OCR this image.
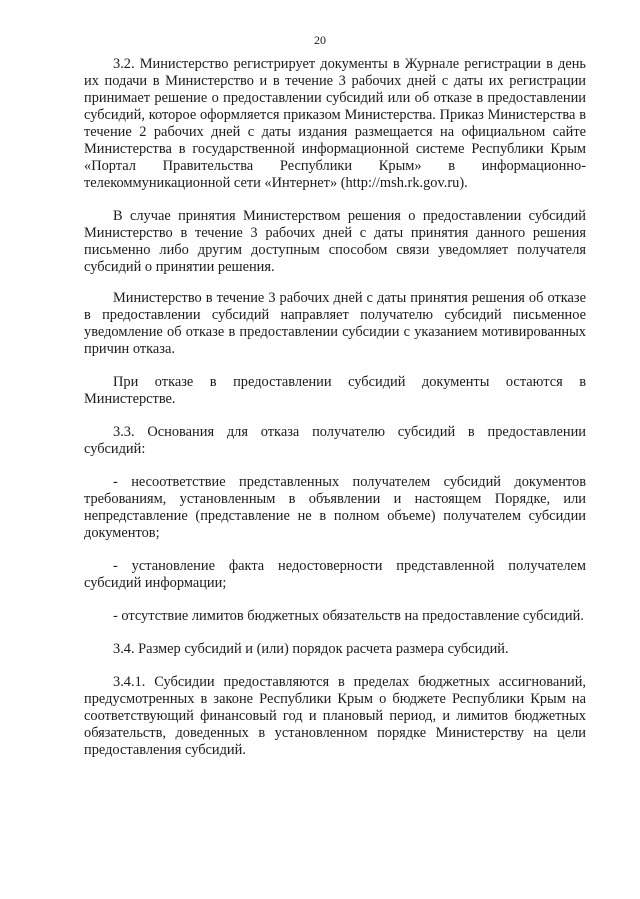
20

3.2. Министерство регистрирует документы в Журнале регистрации в день их подачи в Министерство и в течение 3 рабочих дней с даты их регистрации принимает решение о предоставлении субсидий или об отказе в предоставлении субсидий, которое оформляется приказом Министерства. Приказ Министерства в течение 2 рабочих дней с даты издания размещается на официальном сайте Министерства в государственной информационной системе Республики Крым «Портал Правительства Республики Крым» в информационно-телекоммуникационной сети «Интернет» (http://msh.rk.gov.ru).

В случае принятия Министерством решения о предоставлении субсидий Министерство в течение 3 рабочих дней с даты принятия данного решения письменно либо другим доступным способом связи уведомляет получателя субсидий о принятии решения.

Министерство в течение 3 рабочих дней с даты принятия решения об отказе в предоставлении субсидий направляет получателю субсидий письменное уведомление об отказе в предоставлении субсидии с указанием мотивированных причин отказа.

При отказе в предоставлении субсидий документы остаются в Министерстве.

3.3. Основания для отказа получателю субсидий в предоставлении субсидий:

- несоответствие представленных получателем субсидий документов требованиям, установленным в объявлении и настоящем Порядке, или непредставление (представление не в полном объеме) получателем субсидии документов;

- установление факта недостоверности представленной получателем субсидий информации;

- отсутствие лимитов бюджетных обязательств на предоставление субсидий.

3.4. Размер субсидий и (или) порядок расчета размера субсидий.

3.4.1. Субсидии предоставляются в пределах бюджетных ассигнований, предусмотренных в законе Республики Крым о бюджете Республики Крым на соответствующий финансовый год и плановый период, и лимитов бюджетных обязательств, доведенных в установленном порядке Министерству на цели предоставления субсидий.
